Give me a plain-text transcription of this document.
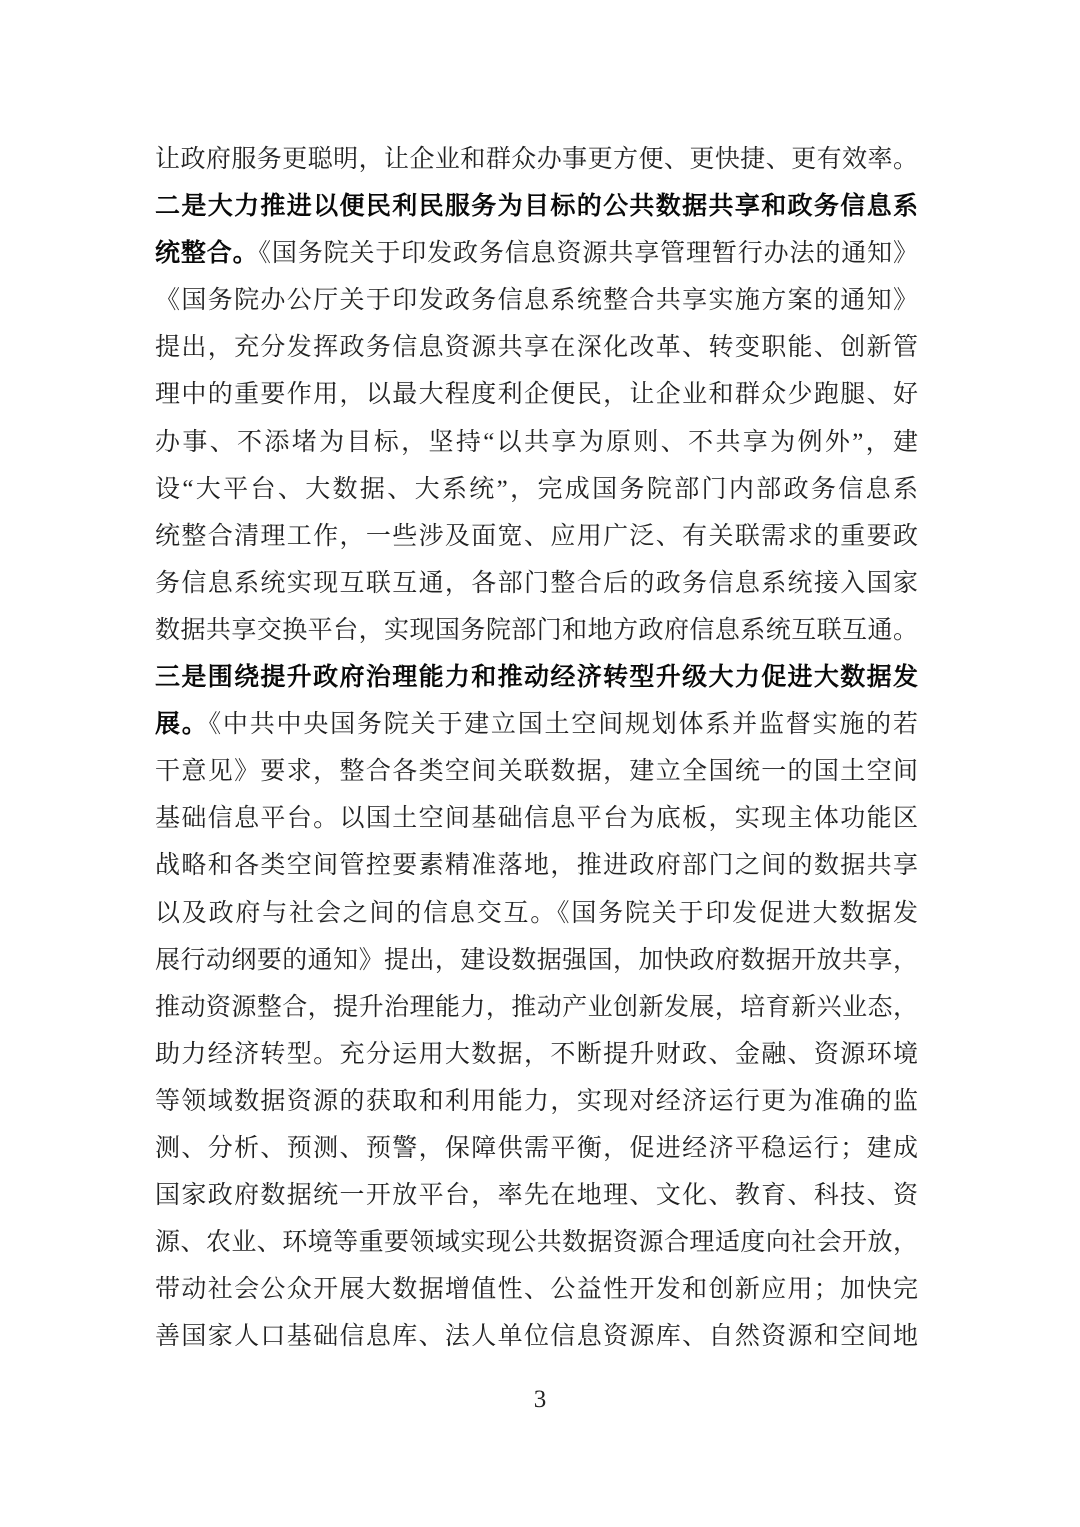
让政府服务更聪明，让企业和群众办事更方便、更快捷、更有效率。
二是大力推进以便民利民服务为目标的公共数据共享和政务信息系
统整合。《国务院关于印发政务信息资源共享管理暂行办法的通知》
《国务院办公厅关于印发政务信息系统整合共享实施方案的通知》
提出，充分发挥政务信息资源共享在深化改革、转变职能、创新管
理中的重要作用，以最大程度利企便民，让企业和群众少跑腿、好
办事、不添堵为目标，坚持“以共享为原则、不共享为例外”，建
设“大平台、大数据、大系统”，完成国务院部门内部政务信息系
统整合清理工作，一些涉及面宽、应用广泛、有关联需求的重要政
务信息系统实现互联互通，各部门整合后的政务信息系统接入国家
数据共享交换平台，实现国务院部门和地方政府信息系统互联互通。
三是围绕提升政府治理能力和推动经济转型升级大力促进大数据发
展。《中共中央国务院关于建立国土空间规划体系并监督实施的若
干意见》要求，整合各类空间关联数据，建立全国统一的国土空间
基础信息平台。以国土空间基础信息平台为底板，实现主体功能区
战略和各类空间管控要素精准落地，推进政府部门之间的数据共享
以及政府与社会之间的信息交互。《国务院关于印发促进大数据发
展行动纲要的通知》提出，建设数据强国，加快政府数据开放共享，
推动资源整合，提升治理能力，推动产业创新发展，培育新兴业态，
助力经济转型。充分运用大数据，不断提升财政、金融、资源环境
等领域数据资源的获取和利用能力，实现对经济运行更为准确的监
测、分析、预测、预警，保障供需平衡，促进经济平稳运行；建成
国家政府数据统一开放平台，率先在地理、文化、教育、科技、资
源、农业、环境等重要领域实现公共数据资源合理适度向社会开放，
带动社会公众开展大数据增值性、公益性开发和创新应用；加快完
善国家人口基础信息库、法人单位信息资源库、自然资源和空间地
3
